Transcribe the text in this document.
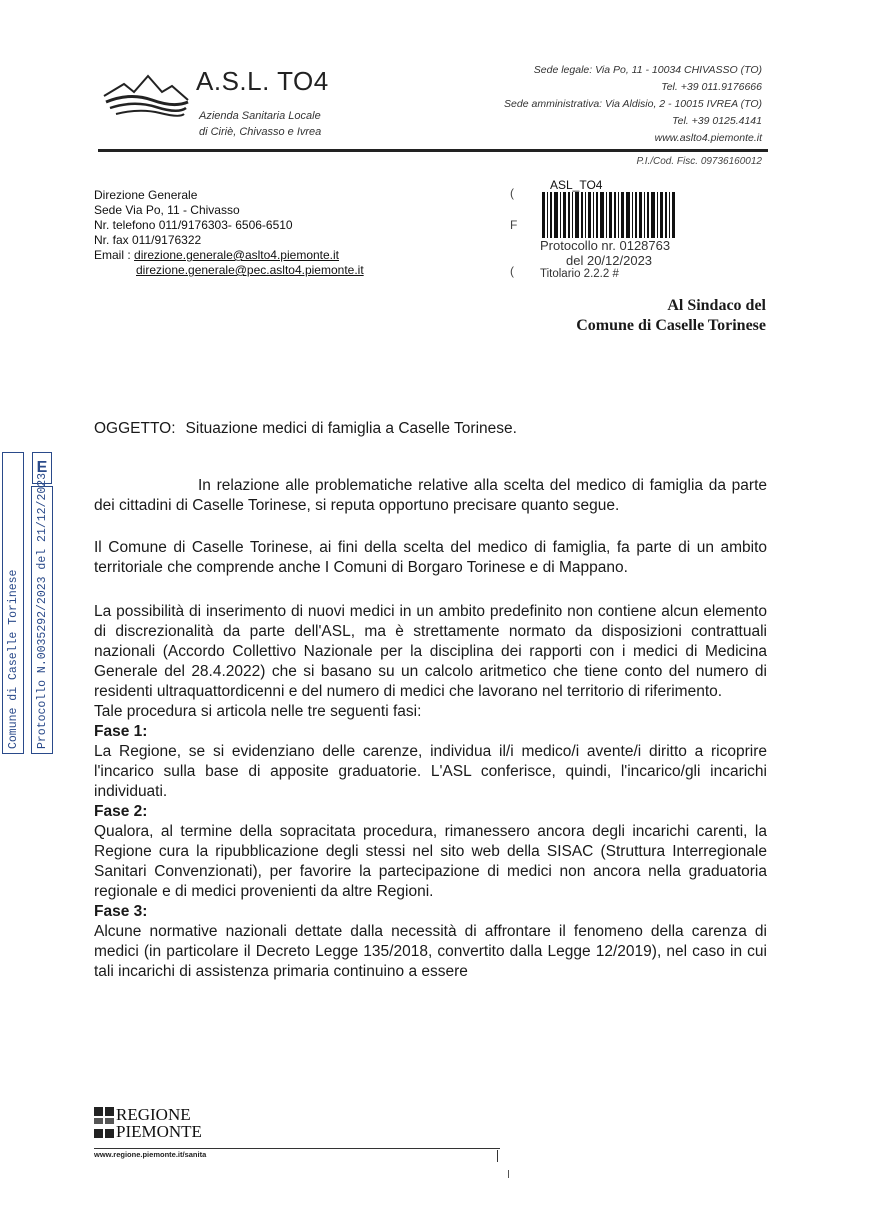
A.S.L. TO4
Azienda Sanitaria Locale
di Ciriè, Chivasso e Ivrea
Sede legale: Via Po, 11 - 10034 CHIVASSO (TO)
Tel. +39 011.9176666
Sede amministrativa: Via Aldisio, 2 - 10015 IVREA (TO)
Tel. +39 0125.4141
www.aslto4.piemonte.it
P.I./Cod. Fisc. 09736160012
Direzione Generale
Sede Via Po, 11 - Chivasso
Nr. telefono 011/9176303- 6506-6510
Nr. fax 011/9176322
Email : direzione.generale@aslto4.piemonte.it
direzione.generale@pec.aslto4.piemonte.it
(
F
(
ASL_TO4
Protocollo nr. 0128763
del 20/12/2023
Titolario 2.2.2 #
Al Sindaco del
Comune di Caselle Torinese
OGGETTO: Situazione medici di famiglia a Caselle Torinese.
Comune di Caselle Torinese Protocollo N.0035292/2023 del 21/12/2023
E

In relazione alle problematiche relative alla scelta del medico di famiglia da parte dei cittadini di Caselle Torinese, si reputa opportuno precisare quanto segue.

Il Comune di Caselle Torinese, ai fini della scelta del medico di famiglia, fa parte di un ambito territoriale che comprende anche I Comuni di Borgaro Torinese e di Mappano.

La possibilità di inserimento di nuovi medici in un ambito predefinito non contiene alcun elemento di discrezionalità da parte dell'ASL, ma è strettamente normato da disposizioni contrattuali nazionali (Accordo Collettivo Nazionale per la disciplina dei rapporti con i medici di Medicina Generale del 28.4.2022) che si basano su un calcolo aritmetico che tiene conto del numero di residenti ultraquattordicenni e del numero di medici che lavorano nel territorio di riferimento.

Tale procedura si articola nelle tre seguenti fasi:

Fase 1:

La Regione, se si evidenziano delle carenze, individua il/i medico/i avente/i diritto a ricoprire l'incarico sulla base di apposite graduatorie. L'ASL conferisce, quindi, l'incarico/gli incarichi individuati.

Fase 2:

Qualora, al termine della sopracitata procedura, rimanessero ancora degli incarichi carenti, la Regione cura la ripubblicazione degli stessi nel sito web della SISAC (Struttura Interregionale Sanitari Convenzionati), per favorire la partecipazione di medici non ancora nella graduatoria regionale e di medici provenienti da altre Regioni.

Fase 3:

Alcune normative nazionali dettate dalla necessità di affrontare il fenomeno della carenza di medici (in particolare il Decreto Legge 135/2018, convertito dalla Legge 12/2019), nel caso in cui tali incarichi di assistenza primaria continuino a essere

REGIONE
PIEMONTE
www.regione.piemonte.it/sanita
